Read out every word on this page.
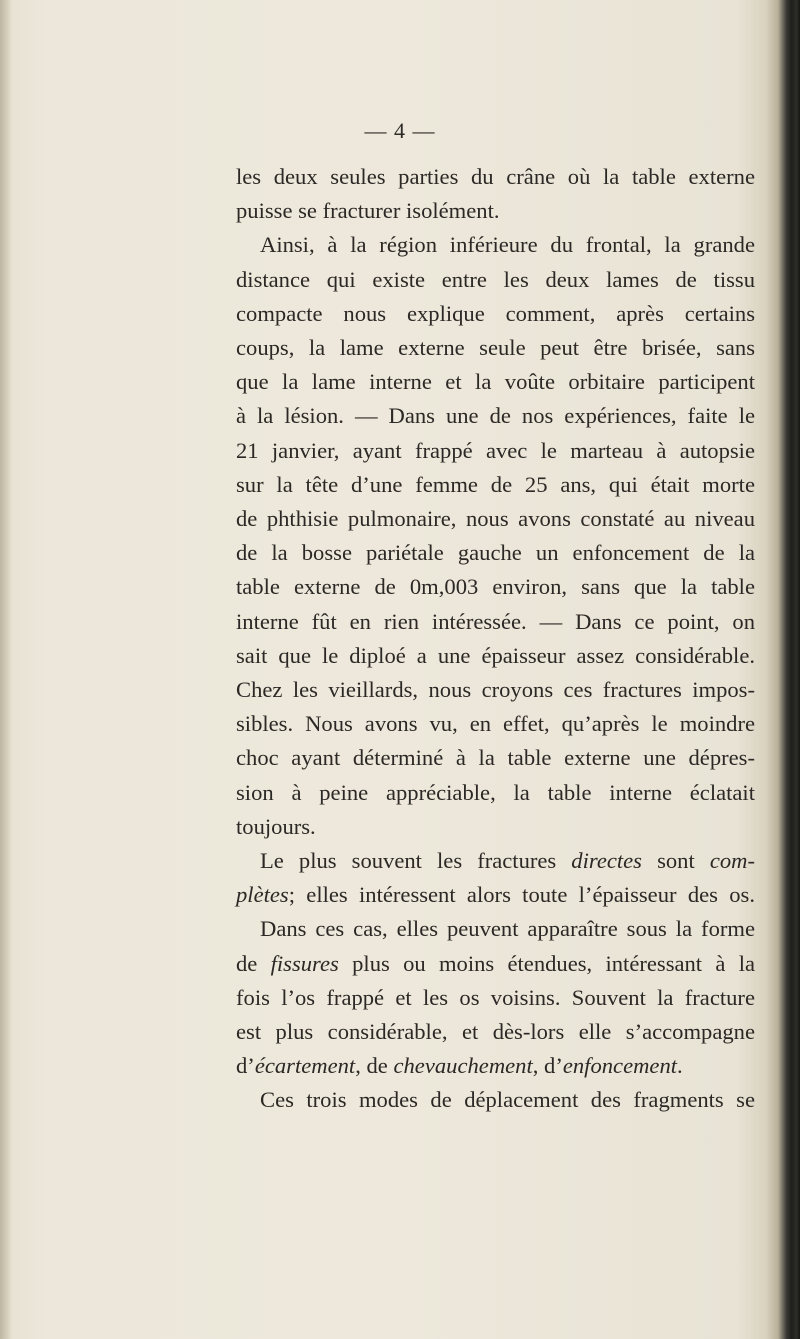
— 4 —
les deux seules parties du crâne où la table externe
puisse se fracturer isolément.
Ainsi, à la région inférieure du frontal, la grande
distance qui existe entre les deux lames de tissu
compacte nous explique comment, après certains
coups, la lame externe seule peut être brisée, sans
que la lame interne et la voûte orbitaire participent
à la lésion. — Dans une de nos expériences, faite le
21 janvier, ayant frappé avec le marteau à autopsie
sur la tête d’une femme de 25 ans, qui était morte
de phthisie pulmonaire, nous avons constaté au niveau
de la bosse pariétale gauche un enfoncement de la
table externe de 0m,003 environ, sans que la table
interne fût en rien intéressée. — Dans ce point, on
sait que le diploé a une épaisseur assez considérable.
Chez les vieillards, nous croyons ces fractures impos-
sibles. Nous avons vu, en effet, qu’après le moindre
choc ayant déterminé à la table externe une dépres-
sion à peine appréciable, la table interne éclatait
toujours.
Le plus souvent les fractures directes sont com-
plètes; elles intéressent alors toute l’épaisseur des os.
Dans ces cas, elles peuvent apparaître sous la forme
de fissures plus ou moins étendues, intéressant à la
fois l’os frappé et les os voisins. Souvent la fracture
est plus considérable, et dès-lors elle s’accompagne
d’écartement, de chevauchement, d’enfoncement.
Ces trois modes de déplacement des fragments se
